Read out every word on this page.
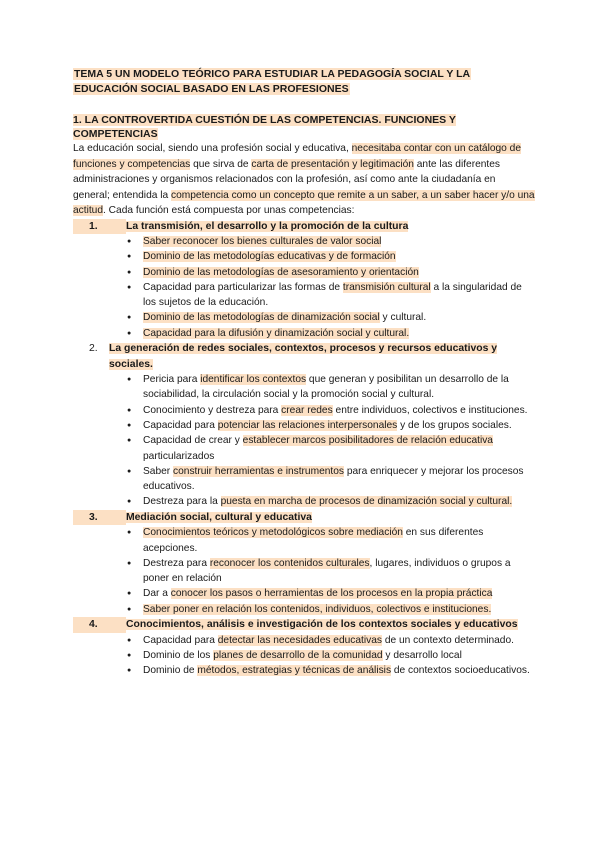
TEMA 5 UN MODELO TEÓRICO PARA ESTUDIAR LA PEDAGOGÍA SOCIAL Y LA
EDUCACIÓN SOCIAL BASADO EN LAS PROFESIONES
1. LA CONTROVERTIDA CUESTIÓN DE LAS COMPETENCIAS. FUNCIONES Y COMPETENCIAS
La educación social, siendo una profesión social y educativa, necesitaba contar con un catálogo de funciones y competencias que sirva de carta de presentación y legitimación ante las diferentes administraciones y organismos relacionados con la profesión, así como ante la ciudadanía en general; entendida la competencia como un concepto que remite a un saber, a un saber hacer y/o una actitud. Cada función está compuesta por unas competencias:
1.	La transmisión, el desarrollo y la promoción de la cultura
● Saber reconocer los bienes culturales de valor social
● Dominio de las metodologías educativas y de formación
● Dominio de las metodologías de asesoramiento y orientación
● Capacidad para particularizar las formas de transmisión cultural a la singularidad de los sujetos de la educación.
● Dominio de las metodologías de dinamización social y cultural.
● Capacidad para la difusión y dinamización social y cultural.
2.	La generación de redes sociales, contextos, procesos y recursos educativos y sociales.
● Pericia para identificar los contextos que generan y posibilitan un desarrollo de la sociabilidad, la circulación social y la promoción social y cultural.
● Conocimiento y destreza para crear redes entre individuos, colectivos e instituciones.
● Capacidad para potenciar las relaciones interpersonales y de los grupos sociales.
● Capacidad de crear y establecer marcos posibilitadores de relación educativa particularizados
● Saber construir herramientas e instrumentos para enriquecer y mejorar los procesos educativos.
● Destreza para la puesta en marcha de procesos de dinamización social y cultural.
3.	Mediación social, cultural y educativa
● Conocimientos teóricos y metodológicos sobre mediación en sus diferentes acepciones.
● Destreza para reconocer los contenidos culturales, lugares, individuos o grupos a poner en relación
● Dar a conocer los pasos o herramientas de los procesos en la propia práctica
● Saber poner en relación los contenidos, individuos, colectivos e instituciones.
4.	Conocimientos, análisis e investigación de los contextos sociales y educativos
● Capacidad para detectar las necesidades educativas de un contexto determinado.
● Dominio de los planes de desarrollo de la comunidad y desarrollo local
● Dominio de métodos, estrategias y técnicas de análisis de contextos socioeducativos.
